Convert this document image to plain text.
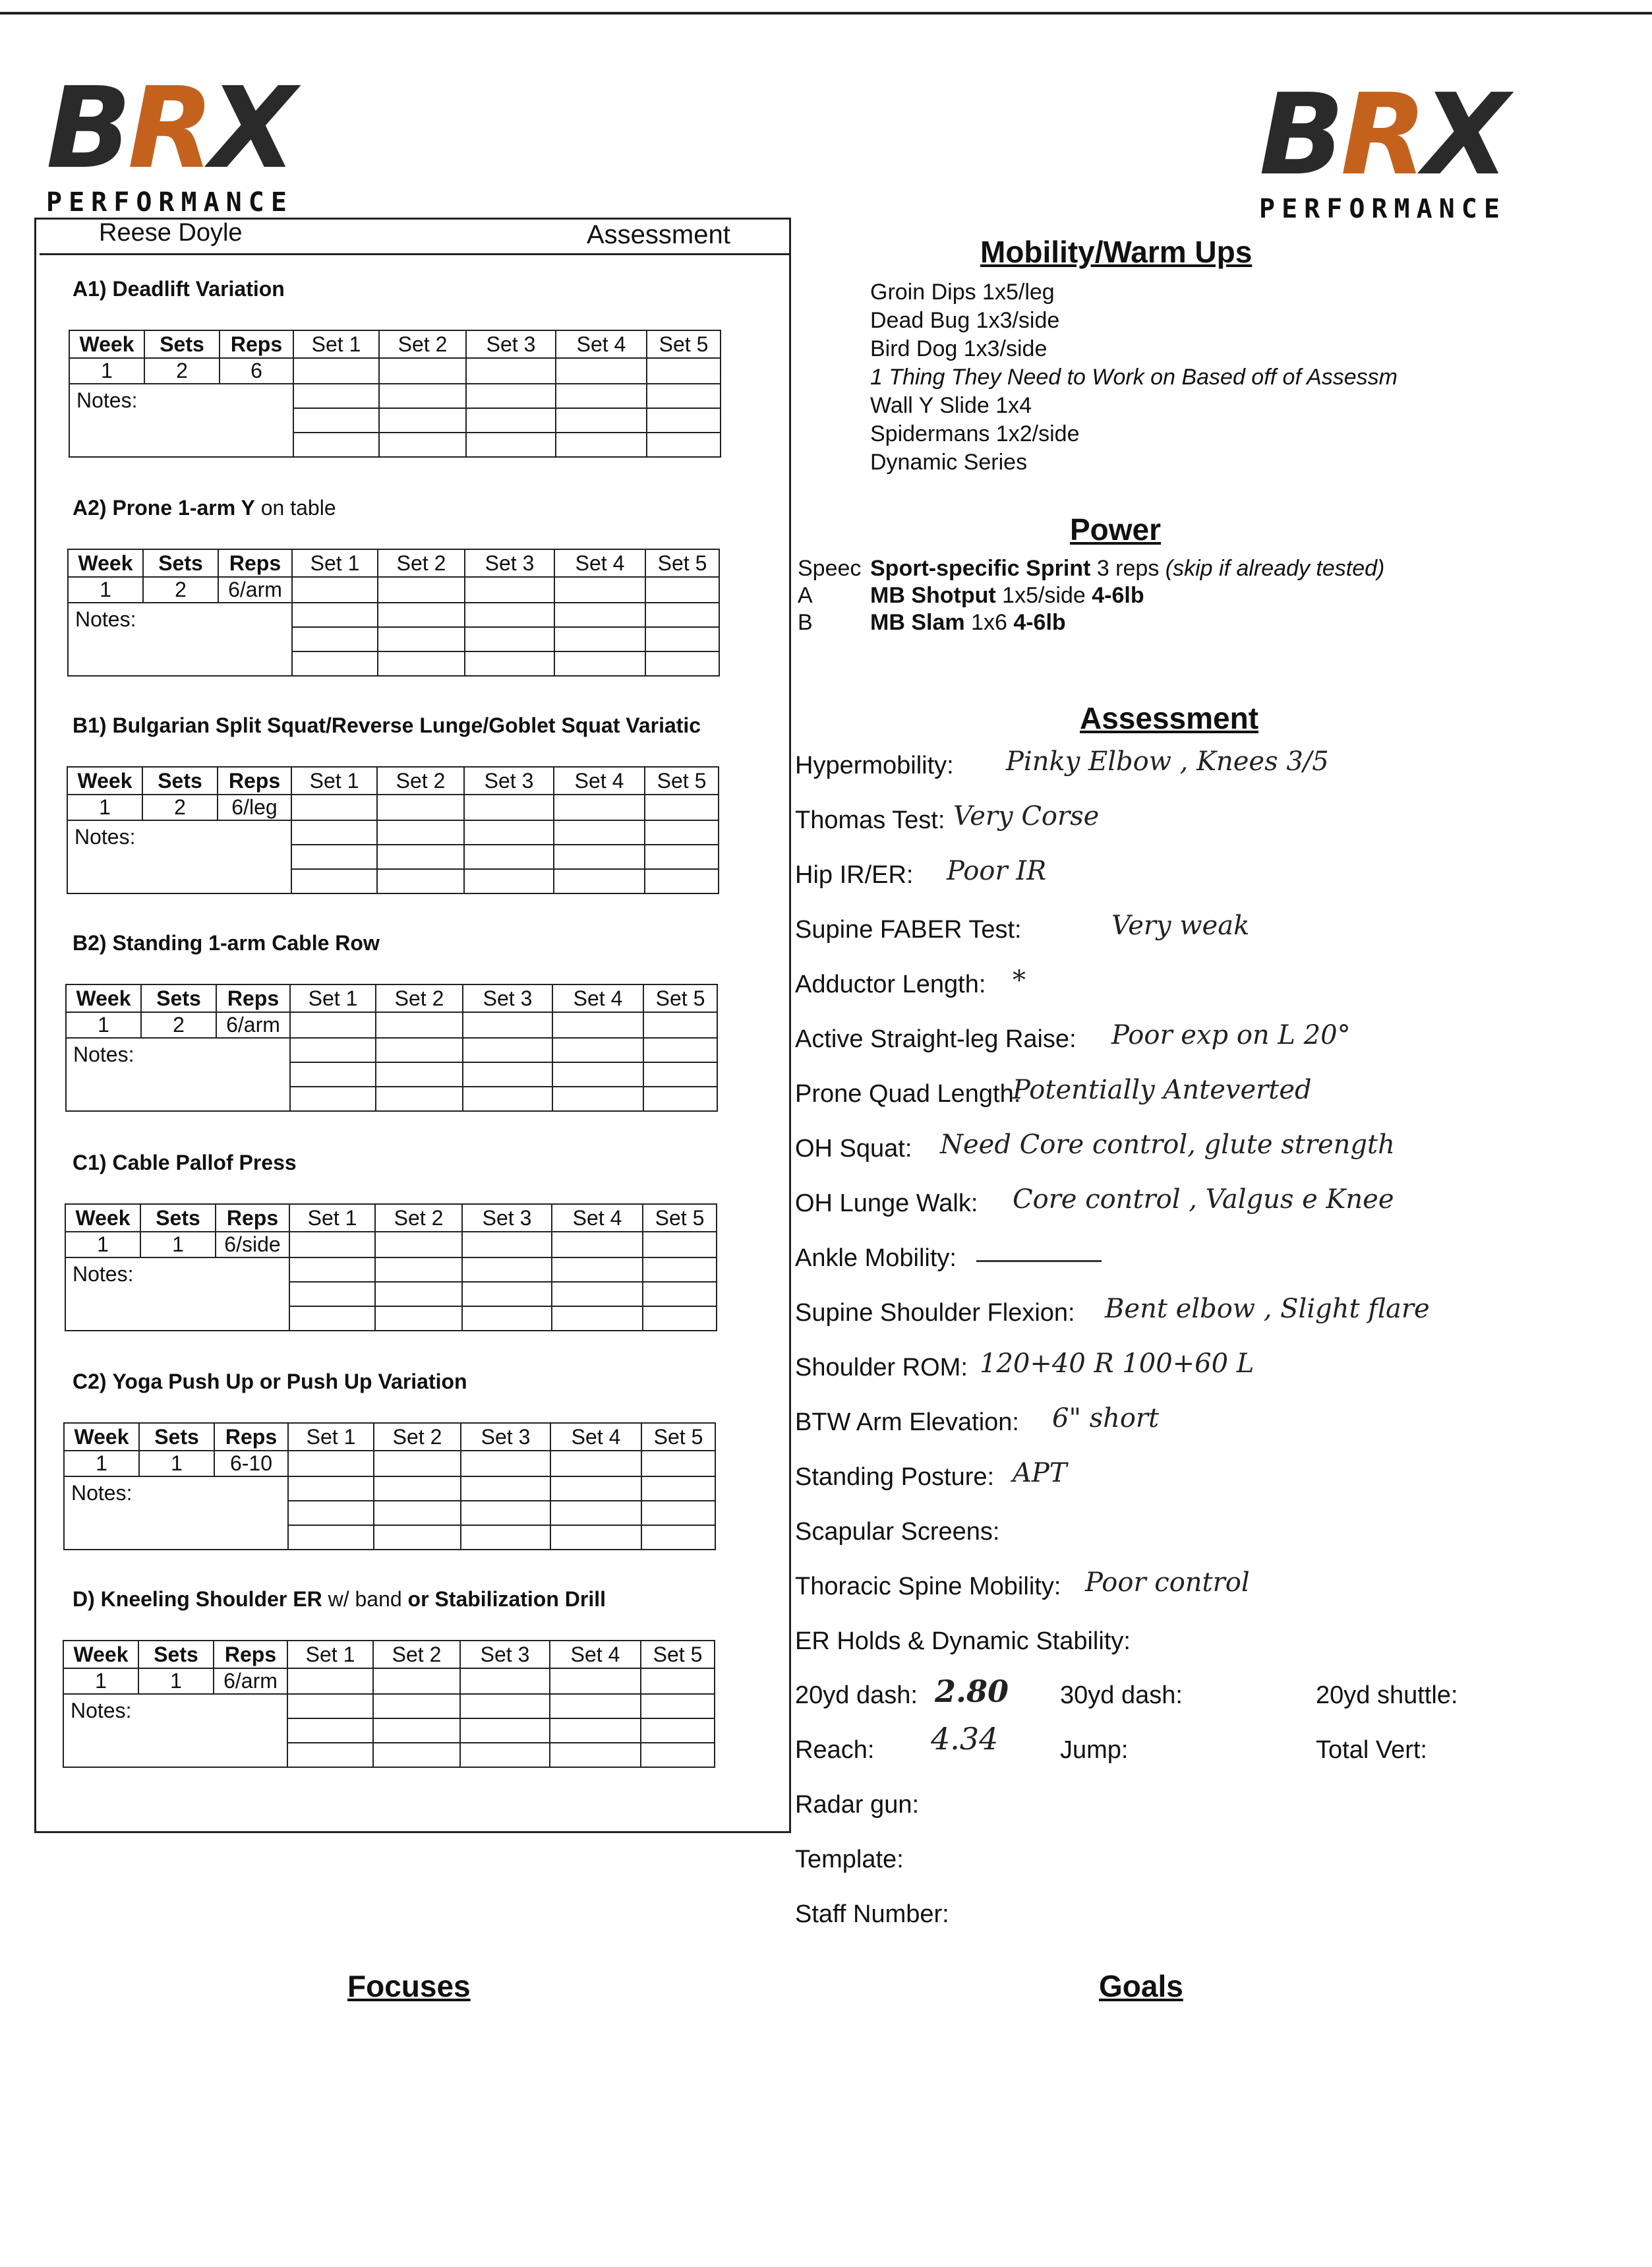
BRX
PERFORMANCE
BRX
PERFORMANCE
Reese Doyle	Assessment
A1) Deadlift Variation
Week	Sets	Reps	Set 1	Set 2	Set 3	Set 4	Set 5
1	2	6					
Notes:							

A2) Prone 1-arm Y on table
Week	Sets	Reps	Set 1	Set 2	Set 3	Set 4	Set 5
1	2	6/arm					
Notes:							

B1) Bulgarian Split Squat/Reverse Lunge/Goblet Squat Variatic
Week	Sets	Reps	Set 1	Set 2	Set 3	Set 4	Set 5
1	2	6/leg					
Notes:							

B2) Standing 1-arm Cable Row
Week	Sets	Reps	Set 1	Set 2	Set 3	Set 4	Set 5
1	2	6/arm					
Notes:							

C1) Cable Pallof Press
Week	Sets	Reps	Set 1	Set 2	Set 3	Set 4	Set 5
1	1	6/side					
Notes:							

C2) Yoga Push Up or Push Up Variation
Week	Sets	Reps	Set 1	Set 2	Set 3	Set 4	Set 5
1	1	6-10					
Notes:							

D) Kneeling Shoulder ER w/ band or Stabilization Drill
Week	Sets	Reps	Set 1	Set 2	Set 3	Set 4	Set 5
1	1	6/arm					
Notes:							

Mobility/Warm Ups
Groin Dips 1x5/leg
Dead Bug 1x3/side
Bird Dog 1x3/side
1 Thing They Need to Work on Based off of Assessm
Wall Y Slide 1x4
Spidermans 1x2/side
Dynamic Series
Power
Speec Sport-specific Sprint 3 reps (skip if already tested)
A	MB Shotput 1x5/side 4-6lb
B	MB Slam 1x6 4-6lb
Assessment
Hypermobility: Pinky Elbow , Knees 3/5
Thomas Test: Very Corse
Hip IR/ER: Poor IR
Supine FABER Test:	Very weak
Adductor Length: *
Active Straight-leg Raise: Poor exp on L 20°
Prone Quad Length:
Potentially Anteverted
OH Squat: Need Core control, glute strength
OH Lunge Walk: Core control , Valgus e Knee
Ankle Mobility:
Supine Shoulder Flexion: Bent elbow , Slight flare
Shoulder ROM: 120+40 R 100+60 L
BTW Arm Elevation: 6" short
Standing Posture: APT
Scapular Screens:
Thoracic Spine Mobility: Poor control
ER Holds & Dynamic Stability:
20yd dash: 2.80 30yd dash:	20yd shuttle:
Reach: 4.34 Jump:	Total Vert:
Radar gun:
Template:
Staff Number:
Focuses	Goals
